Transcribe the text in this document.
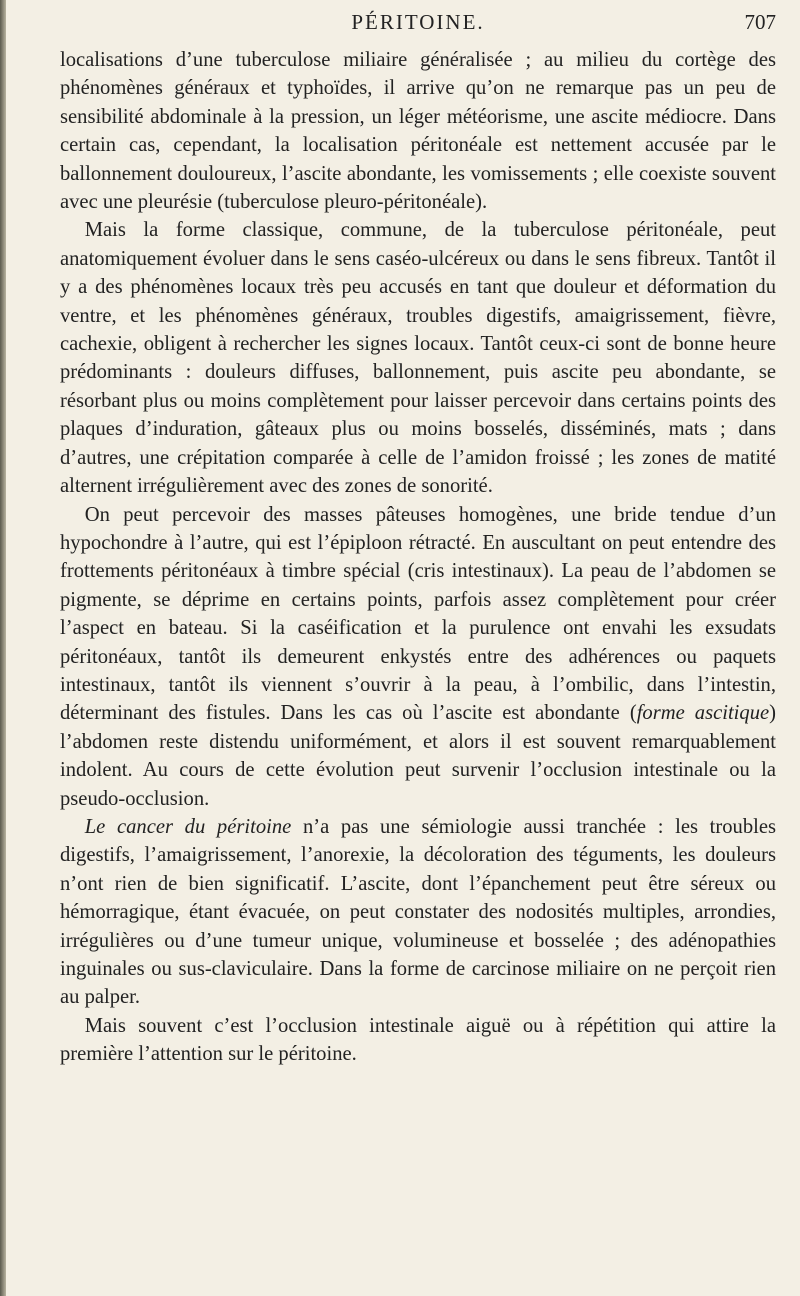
PÉRITOINE.	707

localisations d’une tuberculose miliaire généralisée ; au milieu du cortège des phénomènes généraux et typhoïdes, il arrive qu’on ne remarque pas un peu de sensibilité abdominale à la pression, un léger météorisme, une ascite médiocre. Dans certain cas, cependant, la localisation péritonéale est nettement accusée par le ballonnement douloureux, l’ascite abondante, les vomissements ; elle coexiste souvent avec une pleurésie (tuberculose pleuro-péritonéale).

Mais la forme classique, commune, de la tuberculose péritonéale, peut anatomiquement évoluer dans le sens caséo-ulcéreux ou dans le sens fibreux. Tantôt il y a des phénomènes locaux très peu accusés en tant que douleur et déformation du ventre, et les phénomènes généraux, troubles digestifs, amaigrissement, fièvre, cachexie, obligent à rechercher les signes locaux. Tantôt ceux-ci sont de bonne heure prédominants : douleurs diffuses, ballonnement, puis ascite peu abondante, se résorbant plus ou moins complètement pour laisser percevoir dans certains points des plaques d’induration, gâteaux plus ou moins bosselés, disséminés, mats ; dans d’autres, une crépitation comparée à celle de l’amidon froissé ; les zones de matité alternent irrégulièrement avec des zones de sonorité.

On peut percevoir des masses pâteuses homogènes, une bride tendue d’un hypochondre à l’autre, qui est l’épiploon rétracté. En auscultant on peut entendre des frottements péritonéaux à timbre spécial (cris intestinaux). La peau de l’abdomen se pigmente, se déprime en certains points, parfois assez complètement pour créer l’aspect en bateau. Si la caséification et la purulence ont envahi les exsudats péritonéaux, tantôt ils demeurent enkystés entre des adhérences ou paquets intestinaux, tantôt ils viennent s’ouvrir à la peau, à l’ombilic, dans l’intestin, déterminant des fistules. Dans les cas où l’ascite est abondante (forme ascitique) l’abdomen reste distendu uniformément, et alors il est souvent remarquablement indolent. Au cours de cette évolution peut survenir l’occlusion intestinale ou la pseudo-occlusion.

Le cancer du péritoine n’a pas une sémiologie aussi tranchée : les troubles digestifs, l’amaigrissement, l’anorexie, la décoloration des téguments, les douleurs n’ont rien de bien significatif. L’ascite, dont l’épanchement peut être séreux ou hémorragique, étant évacuée, on peut constater des nodosités multiples, arrondies, irrégulières ou d’une tumeur unique, volumineuse et bosselée ; des adénopathies inguinales ou sus-claviculaire. Dans la forme de carcinose miliaire on ne perçoit rien au palper.

Mais souvent c’est l’occlusion intestinale aiguë ou à répétition qui attire la première l’attention sur le péritoine.
